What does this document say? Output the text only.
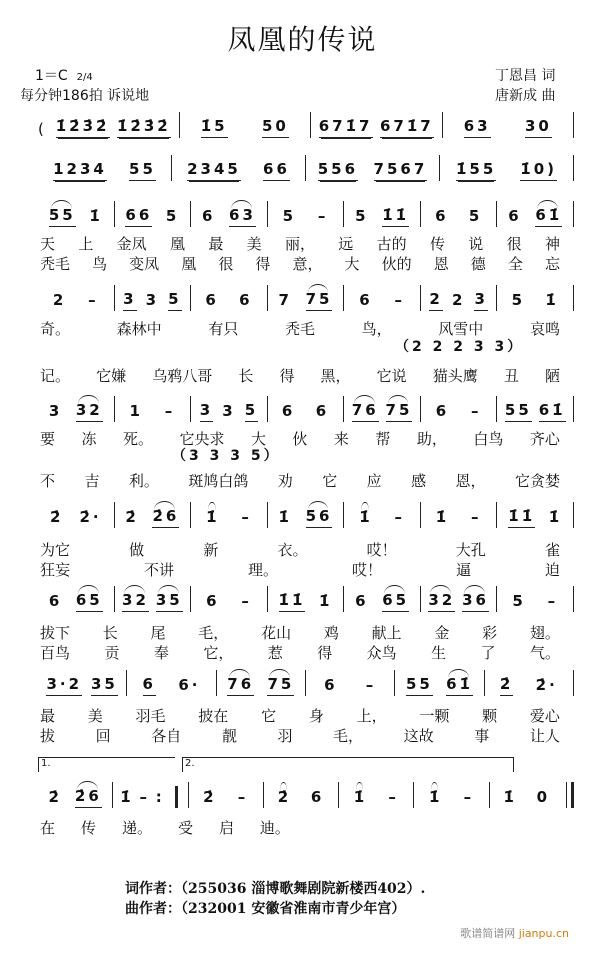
凤凰的传说
1＝C 2/4
每分钟186拍 诉说地
丁恩昌 词
唐新成 曲
( 1̇2̇3̇2̇ 1̇2̇3̇2̇ 1̇5 50 671̇7 671̇7 63 30
1234 55 2345 66 556 7567 1̇55 1̇0)
55 1̇ 66 5 6 63 5 – 5 1̇1̇ 6 5 6 61̇
2 – 3 3 5 6 6 7 75 6 – 2 2 3 5 1̇
3 32 1 – 3 3 5 6 6 76 75 6 – 55 61̇
2̇ 2̇· 2̇ 2̇6 1̇ – 1̇ 56 1̇ – 1̇ – 1̇1̇ 1̇
6 65 32 35 6 – 1̇1̇ 1̇ 6 65 32 36 5 –
3·2 35 6 6· 76 75 6 – 55 61̇ 2̇ 2̇·
2̇ 2̇6 1̇ – :	2̇ – 2̇ 6 1̇ – 1̇ – 1̇ 0
1.	2.
天 上 金凤 凰 最 美 丽， 远 古的 传 说 很 神
秃毛 鸟 变凤 凰 很 得 意， 大 伙的 恩 德 全 忘
奇。	森林中	有只	秃毛	鸟，	风雪中	哀鸣
（2 2 2 3 3）
记。 它嫌 乌鸦八哥 长 得 黑， 它说 猫头鹰 丑 陋
要 冻 死。 它央求 大 伙 来 帮 助， 白鸟 齐心
（3 3 3 5）
不 吉 利。 斑鸠白鸽 劝 它 应 感 恩， 它贪婪
为它	做	新	衣。	哎！	大孔	雀
狂妄	不讲	理。	哎！	逼	迫
拔下 长 尾 毛， 花山 鸡 献上 金 彩 翅。
百鸟 贡 奉 它， 惹 得 众鸟 生 了 气。
最 美 羽毛 披在 它 身 上， 一颗 颗 爱心
拔	回	各自	靓	羽	毛，	这故	事	让人
在 传 递。 受 启 迪。
词作者：（255036 淄博歌舞剧院新楼西402）.
曲作者：（232001 安徽省淮南市青少年宫）
歌谱简谱网 jianpu.cn
